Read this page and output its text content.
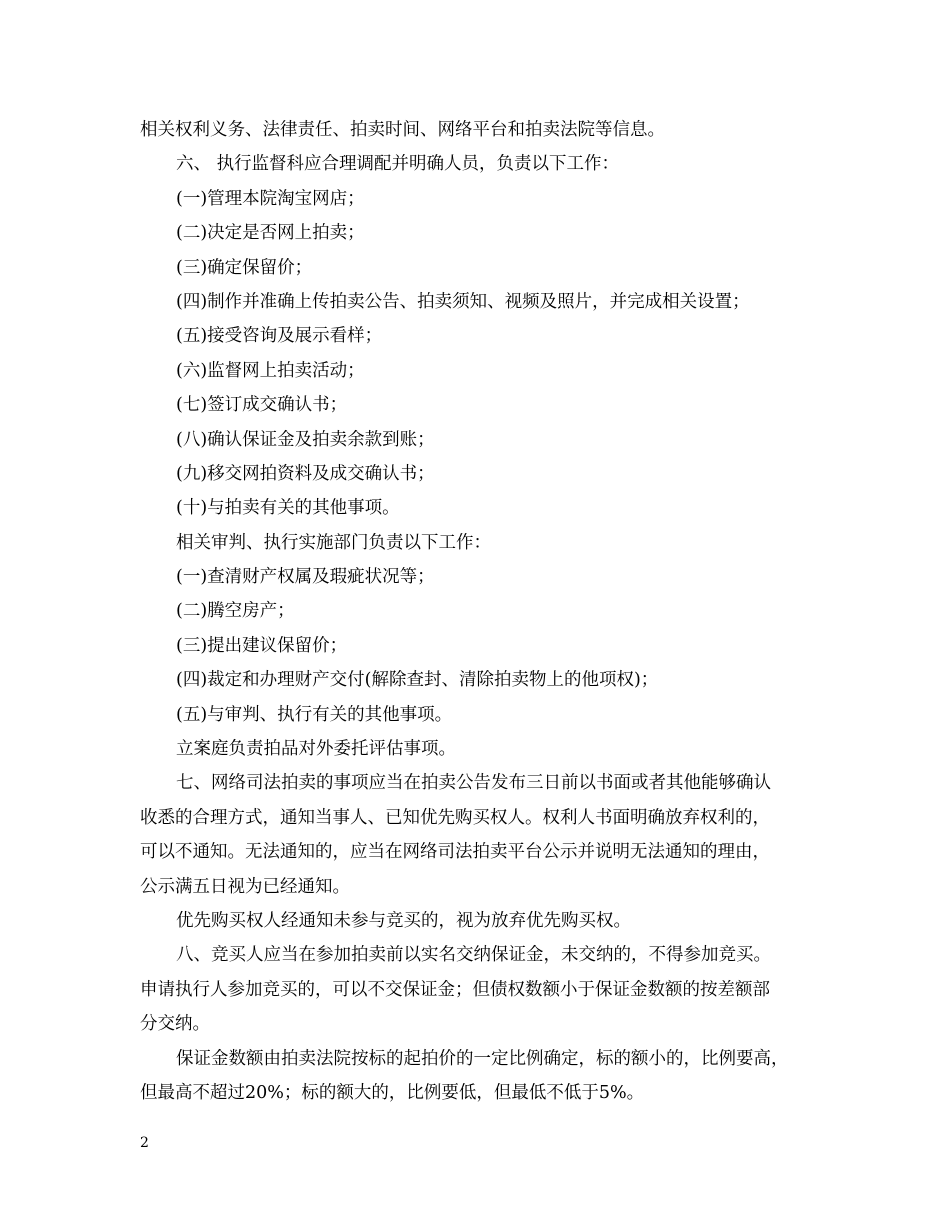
相关权利义务、法律责任、拍卖时间、网络平台和拍卖法院等信息。

六、 执行监督科应合理调配并明确人员，负责以下工作：

(一)管理本院淘宝网店；

(二)决定是否网上拍卖；

(三)确定保留价；

(四)制作并准确上传拍卖公告、拍卖须知、视频及照片，并完成相关设置；

(五)接受咨询及展示看样；

(六)监督网上拍卖活动；

(七)签订成交确认书；

(八)确认保证金及拍卖余款到账；

(九)移交网拍资料及成交确认书；

(十)与拍卖有关的其他事项。

相关审判、执行实施部门负责以下工作：

(一)查清财产权属及瑕疵状况等；

(二)腾空房产；

(三)提出建议保留价；

(四)裁定和办理财产交付(解除查封、清除拍卖物上的他项权)；

(五)与审判、执行有关的其他事项。

立案庭负责拍品对外委托评估事项。

七、网络司法拍卖的事项应当在拍卖公告发布三日前以书面或者其他能够确认

收悉的合理方式，通知当事人、已知优先购买权人。权利人书面明确放弃权利的，

可以不通知。无法通知的，应当在网络司法拍卖平台公示并说明无法通知的理由，

公示满五日视为已经通知。

优先购买权人经通知未参与竞买的，视为放弃优先购买权。

八、竞买人应当在参加拍卖前以实名交纳保证金，未交纳的，不得参加竞买。

申请执行人参加竞买的，可以不交保证金；但债权数额小于保证金数额的按差额部

分交纳。

保证金数额由拍卖法院按标的起拍价的一定比例确定，标的额小的，比例要高，

但最高不超过20%；标的额大的，比例要低，但最低不低于5%。

2
